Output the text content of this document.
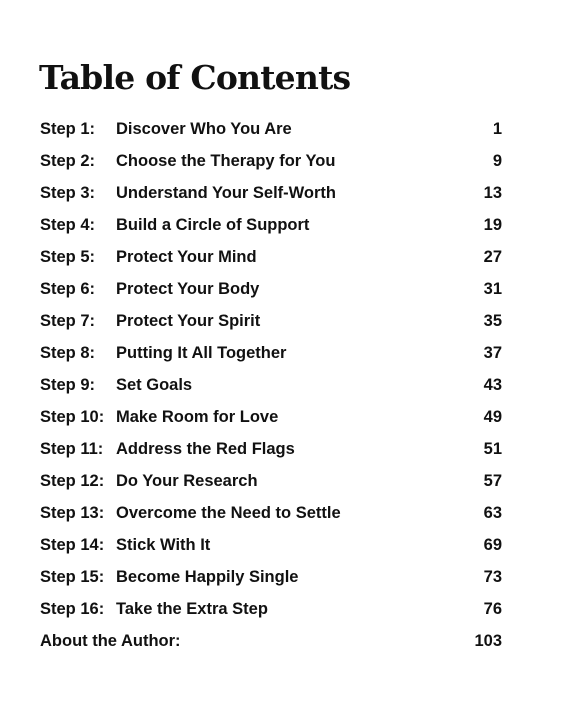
Table of Contents
Step 1: Discover Who You Are	1
Step 2: Choose the Therapy for You	9
Step 3: Understand Your Self-Worth	13
Step 4: Build a Circle of Support	19
Step 5: Protect Your Mind	27
Step 6: Protect Your Body	31
Step 7: Protect Your Spirit	35
Step 8: Putting It All Together	37
Step 9: Set Goals	43
Step 10: Make Room for Love	49
Step 11: Address the Red Flags	51
Step 12: Do Your Research	57
Step 13: Overcome the Need to Settle	63
Step 14: Stick With It	69
Step 15: Become Happily Single	73
Step 16: Take the Extra Step	76
About the Author:	103
